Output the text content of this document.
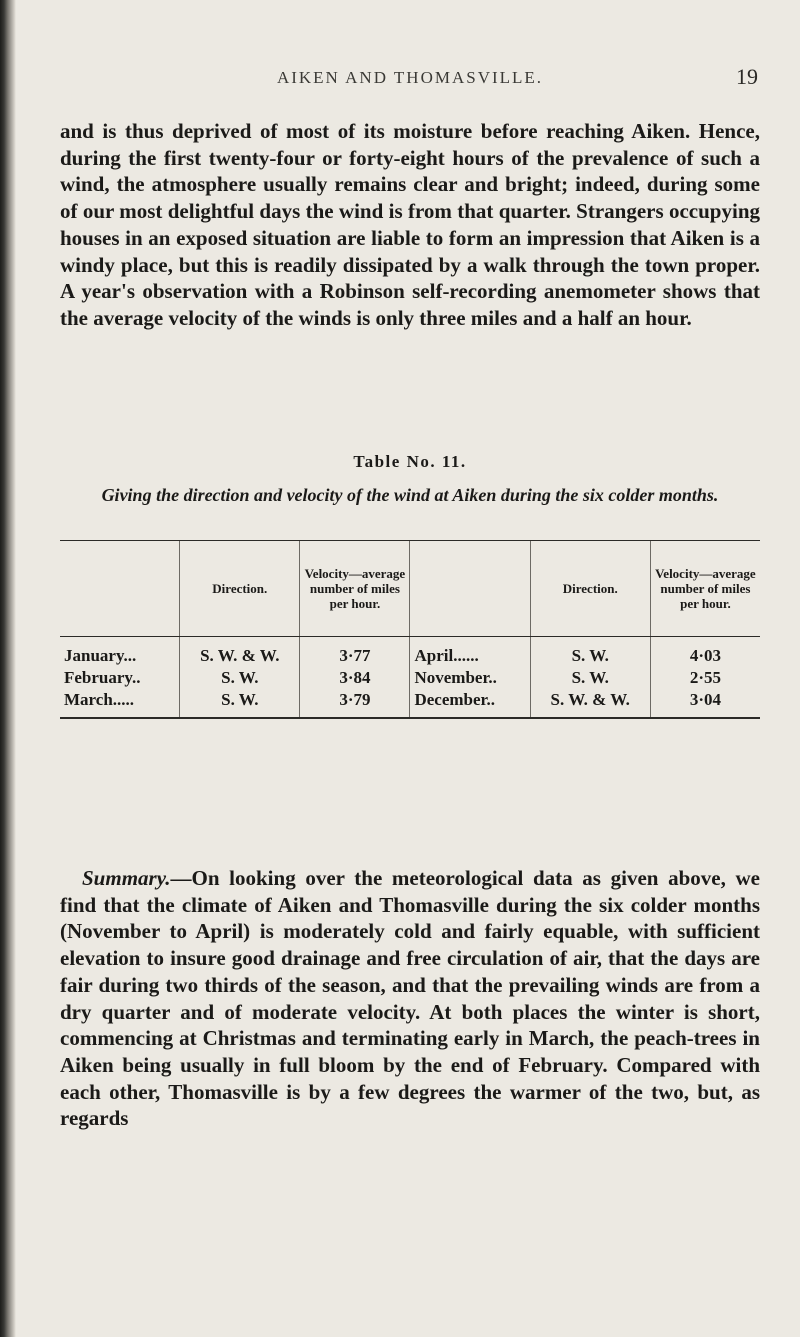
AIKEN AND THOMASVILLE.	19

and is thus deprived of most of its moisture before reaching Aiken. Hence, during the first twenty-four or forty-eight hours of the prevalence of such a wind, the atmosphere usually remains clear and bright; indeed, during some of our most delightful days the wind is from that quarter. Strangers occupying houses in an exposed situation are liable to form an impression that Aiken is a windy place, but this is readily dissipated by a walk through the town proper. A year's observation with a Robinson self-recording anemometer shows that the average velocity of the winds is only three miles and a half an hour.

Table No. 11.
Giving the direction and velocity of the wind at Aiken during the six colder months.
	Direction.	Velocity—average number of miles per hour.		Direction.	Velocity—average number of miles per hour.
January...	S. W. & W.	3·77	April......	S. W.	4·03
February..	S. W.	3·84	November..	S. W.	2·55
March.....	S. W.	3·79	December..	S. W. & W.	3·04

Summary.—On looking over the meteorological data as given above, we find that the climate of Aiken and Thomasville during the six colder months (November to April) is moderately cold and fairly equable, with sufficient elevation to insure good drainage and free circulation of air, that the days are fair during two thirds of the season, and that the prevailing winds are from a dry quarter and of moderate velocity. At both places the winter is short, commencing at Christmas and terminating early in March, the peach-trees in Aiken being usually in full bloom by the end of February. Compared with each other, Thomasville is by a few degrees the warmer of the two, but, as regards
